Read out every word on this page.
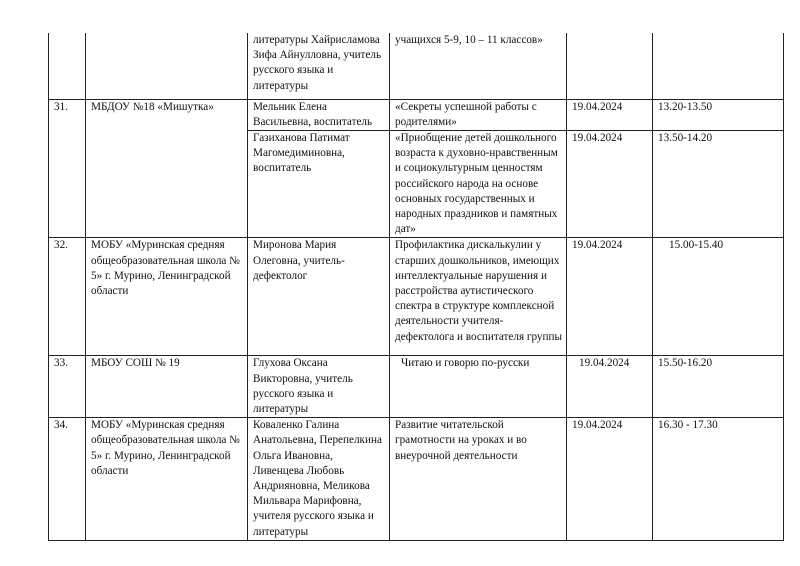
		литературы Хайрисламова Зифа Айнулловна, учитель русского языка и литературы	учащихся 5-9, 10 – 11 классов»		
31.	МБДОУ №18 «Мишутка»	Мельник Елена Васильевна, воспитатель	«Секреты успешной работы с родителями»	19.04.2024	13.20-13.50
		Газиханова Патимат Магомедиминовна, воспитатель	«Приобщение детей дошкольного возраста к духовно-нравственным и социокультурным ценностям российского народа на основе основных государственных и народных праздников и памятных дат»	19.04.2024	13.50-14.20
32.	МОБУ «Муринская средняя общеобразовательная школа № 5» г. Мурино, Ленинградской области	Миронова Мария Олеговна, учитель-дефектолог	Профилактика дискалькулии у старших дошкольников, имеющих интеллектуальные нарушения и расстройства аутистического спектра в структуре комплексной деятельности учителя-дефектолога и воспитателя группы	19.04.2024	15.00-15.40
33.	МБОУ СОШ № 19	Глухова Оксана Викторовна, учитель русского языка и литературы	Читаю и говорю по-русски	19.04.2024	15.50-16.20
34.	МОБУ «Муринская средняя общеобразовательная школа № 5» г. Мурино, Ленинградской области	Коваленко Галина Анатольевна, Перепелкина Ольга Ивановна, Ливенцева Любовь Андрияновна, Меликова Мильвара Марифовна, учителя русского языка и литературы	Развитие читательской грамотности на уроках и во внеурочной деятельности	19.04.2024	16.30 - 17.30
